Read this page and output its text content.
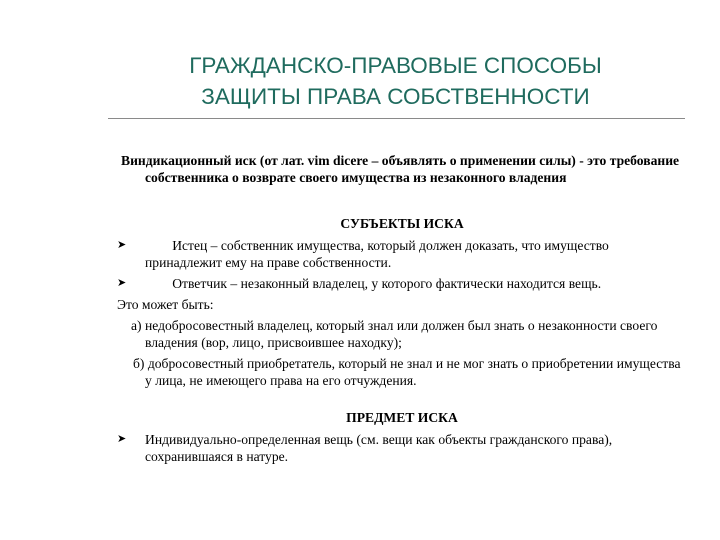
ГРАЖДАНСКО-ПРАВОВЫЕ СПОСОБЫ
ЗАЩИТЫ ПРАВА СОБСТВЕННОСТИ

Виндикационный иск (от лат. vim dicere – объявлять о применении силы) - это требование собственника о возврате своего имущества из незаконного владения

СУБЪЕКТЫ ИСКА

➤	Истец – собственник имущества, который должен доказать, что имущество принадлежит ему на праве собственности.
➤	Ответчик – незаконный владелец, у которого фактически находится вещь.

Это может быть:

а) недобросовестный владелец, который знал или должен был знать о незаконности своего владения (вор, лицо, присвоившее находку);

б) добросовестный приобретатель, который не знал и не мог знать о приобретении имущества у лица, не имеющего права на его отчуждения.

ПРЕДМЕТ ИСКА

➤	Индивидуально-определенная вещь (см. вещи как объекты гражданского права), сохранившаяся в натуре.
